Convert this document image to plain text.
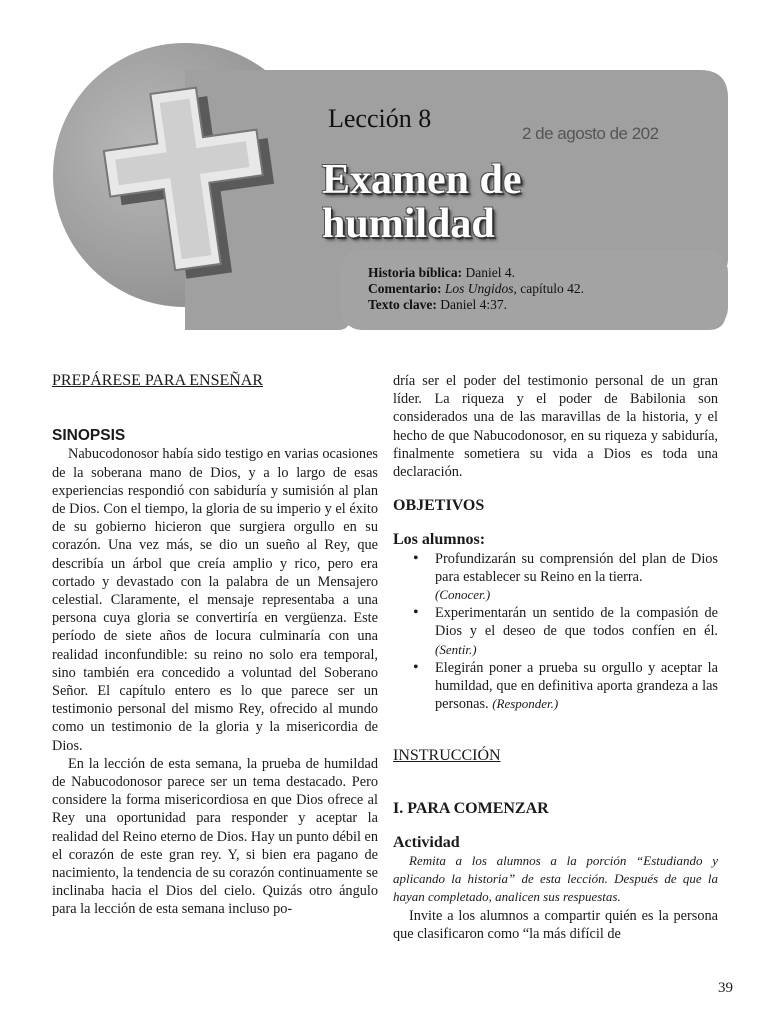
Lección 8
2 de agosto de 202
Examen de
humildad
Historia bíblica: Daniel 4.
Comentario: Los Ungidos, capítulo 42.
Texto clave: Daniel 4:37.
PREPÁRESE PARA ENSEÑAR
SINOPSIS

Nabucodonosor había sido testigo en varias ocasiones de la soberana mano de Dios, y a lo largo de esas experiencias respondió con sabiduría y sumisión al plan de Dios. Con el tiempo, la gloria de su imperio y el éxito de su gobierno hicieron que surgiera orgullo en su corazón. Una vez más, se dio un sueño al Rey, que describía un árbol que creía amplio y rico, pero era cortado y devastado con la palabra de un Mensajero celestial. Claramente, el mensaje representaba a una persona cuya gloria se convertiría en vergüenza. Este período de siete años de locura culminaría con una realidad inconfundible: su reino no solo era temporal, sino también era concedido a voluntad del Soberano Señor. El capítulo entero es lo que parece ser un testimonio personal del mismo Rey, ofrecido al mundo como un testimonio de la gloria y la misericordia de Dios.

En la lección de esta semana, la prueba de humildad de Nabucodonosor parece ser un tema destacado. Pero considere la forma misericordiosa en que Dios ofrece al Rey una oportunidad para responder y aceptar la realidad del Reino eterno de Dios. Hay un punto débil en el corazón de este gran rey. Y, si bien era pagano de nacimiento, la tendencia de su corazón continuamente se inclinaba hacia el Dios del cielo. Quizás otro ángulo para la lección de esta semana incluso po-

dría ser el poder del testimonio personal de un gran líder. La riqueza y el poder de Babilonia son considerados una de las maravillas de la historia, y el hecho de que Nabucodonosor, en su riqueza y sabiduría, finalmente sometiera su vida a Dios es toda una declaración.

OBJETIVOS
Los alumnos:
• Profundizarán su comprensión del plan de Dios para establecer su Reino en la tierra.
(Conocer.)
• Experimentarán un sentido de la compasión de Dios y el deseo de que todos confíen en él. (Sentir.)
• Elegirán poner a prueba su orgullo y aceptar la humildad, que en definitiva aporta grandeza a las personas. (Responder.)
INSTRUCCIÓN
I. PARA COMENZAR
Actividad

Remita a los alumnos a la porción “Estudiando y aplicando la historia” de esta lección. Después de que la hayan completado, analicen sus respuestas.

Invite a los alumnos a compartir quién es la persona que clasificaron como “la más difícil de

39
